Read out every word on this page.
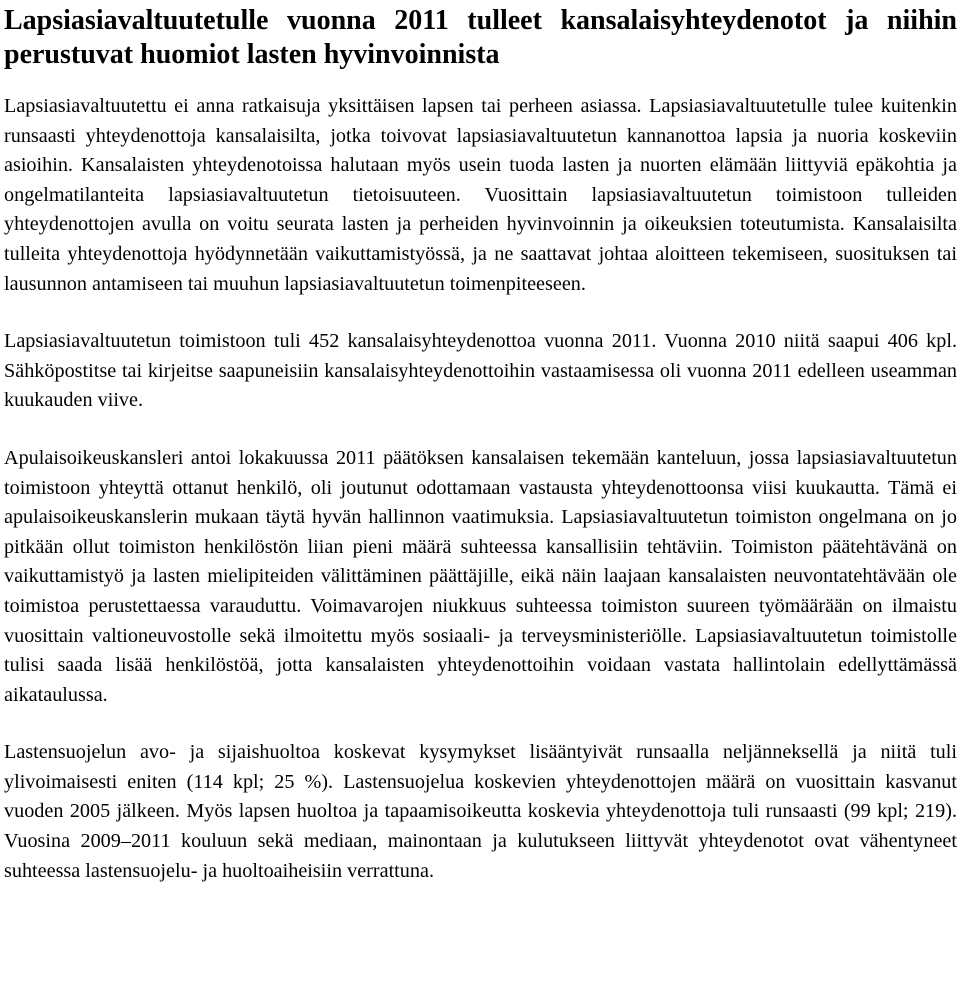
Lapsiasiavaltuutetulle vuonna 2011 tulleet kansalaisyhteydenotot ja niihin perustuvat huomiot lasten hyvinvoinnista

Lapsiasiavaltuutettu ei anna ratkaisuja yksittäisen lapsen tai perheen asiassa. Lapsiasiavaltuutetulle tulee kuitenkin runsaasti yhteydenottoja kansalaisilta, jotka toivovat lapsiasiavaltuutetun kannanottoa lapsia ja nuoria koskeviin asioihin. Kansalaisten yhteydenotoissa halutaan myös usein tuoda lasten ja nuorten elämään liittyviä epäkohtia ja ongelmatilanteita lapsiasiavaltuutetun tietoisuuteen. Vuosittain lapsiasiavaltuutetun toimistoon tulleiden yhteydenottojen avulla on voitu seurata lasten ja perheiden hyvinvoinnin ja oikeuksien toteutumista. Kansalaisilta tulleita yhteydenottoja hyödynnetään vaikuttamistyössä, ja ne saattavat johtaa aloitteen tekemiseen, suosituksen tai lausunnon antamiseen tai muuhun lapsiasiavaltuutetun toimenpiteeseen.

Lapsiasiavaltuutetun toimistoon tuli 452 kansalaisyhteydenottoa vuonna 2011. Vuonna 2010 niitä saapui 406 kpl. Sähköpostitse tai kirjeitse saapuneisiin kansalaisyhteydenottoihin vastaamisessa oli vuonna 2011 edelleen useamman kuukauden viive.

Apulaisoikeuskansleri antoi lokakuussa 2011 päätöksen kansalaisen tekemään kanteluun, jossa lapsiasiavaltuutetun toimistoon yhteyttä ottanut henkilö, oli joutunut odottamaan vastausta yhteydenottoonsa viisi kuukautta. Tämä ei apulaisoikeuskanslerin mukaan täytä hyvän hallinnon vaatimuksia. Lapsiasiavaltuutetun toimiston ongelmana on jo pitkään ollut toimiston henkilöstön liian pieni määrä suhteessa kansallisiin tehtäviin. Toimiston päätehtävänä on vaikuttamistyö ja lasten mielipiteiden välittäminen päättäjille, eikä näin laajaan kansalaisten neuvontatehtävään ole toimistoa perustettaessa varauduttu. Voimavarojen niukkuus suhteessa toimiston suureen työmäärään on ilmaistu vuosittain valtioneuvostolle sekä ilmoitettu myös sosiaali- ja terveysministeriölle. Lapsiasiavaltuutetun toimistolle tulisi saada lisää henkilöstöä, jotta kansalaisten yhteydenottoihin voidaan vastata hallintolain edellyttämässä aikataulussa.

Lastensuojelun avo- ja sijaishuoltoa koskevat kysymykset lisääntyivät runsaalla neljänneksellä ja niitä tuli ylivoimaisesti eniten (114 kpl; 25 %). Lastensuojelua koskevien yhteydenottojen määrä on vuosittain kasvanut vuoden 2005 jälkeen. Myös lapsen huoltoa ja tapaamisoikeutta koskevia yhteydenottoja tuli runsaasti (99 kpl; 219). Vuosina 2009–2011 kouluun sekä mediaan, mainontaan ja kulutukseen liittyvät yhteydenotot ovat vähentyneet suhteessa lastensuojelu- ja huoltoaiheisiin verrattuna.
